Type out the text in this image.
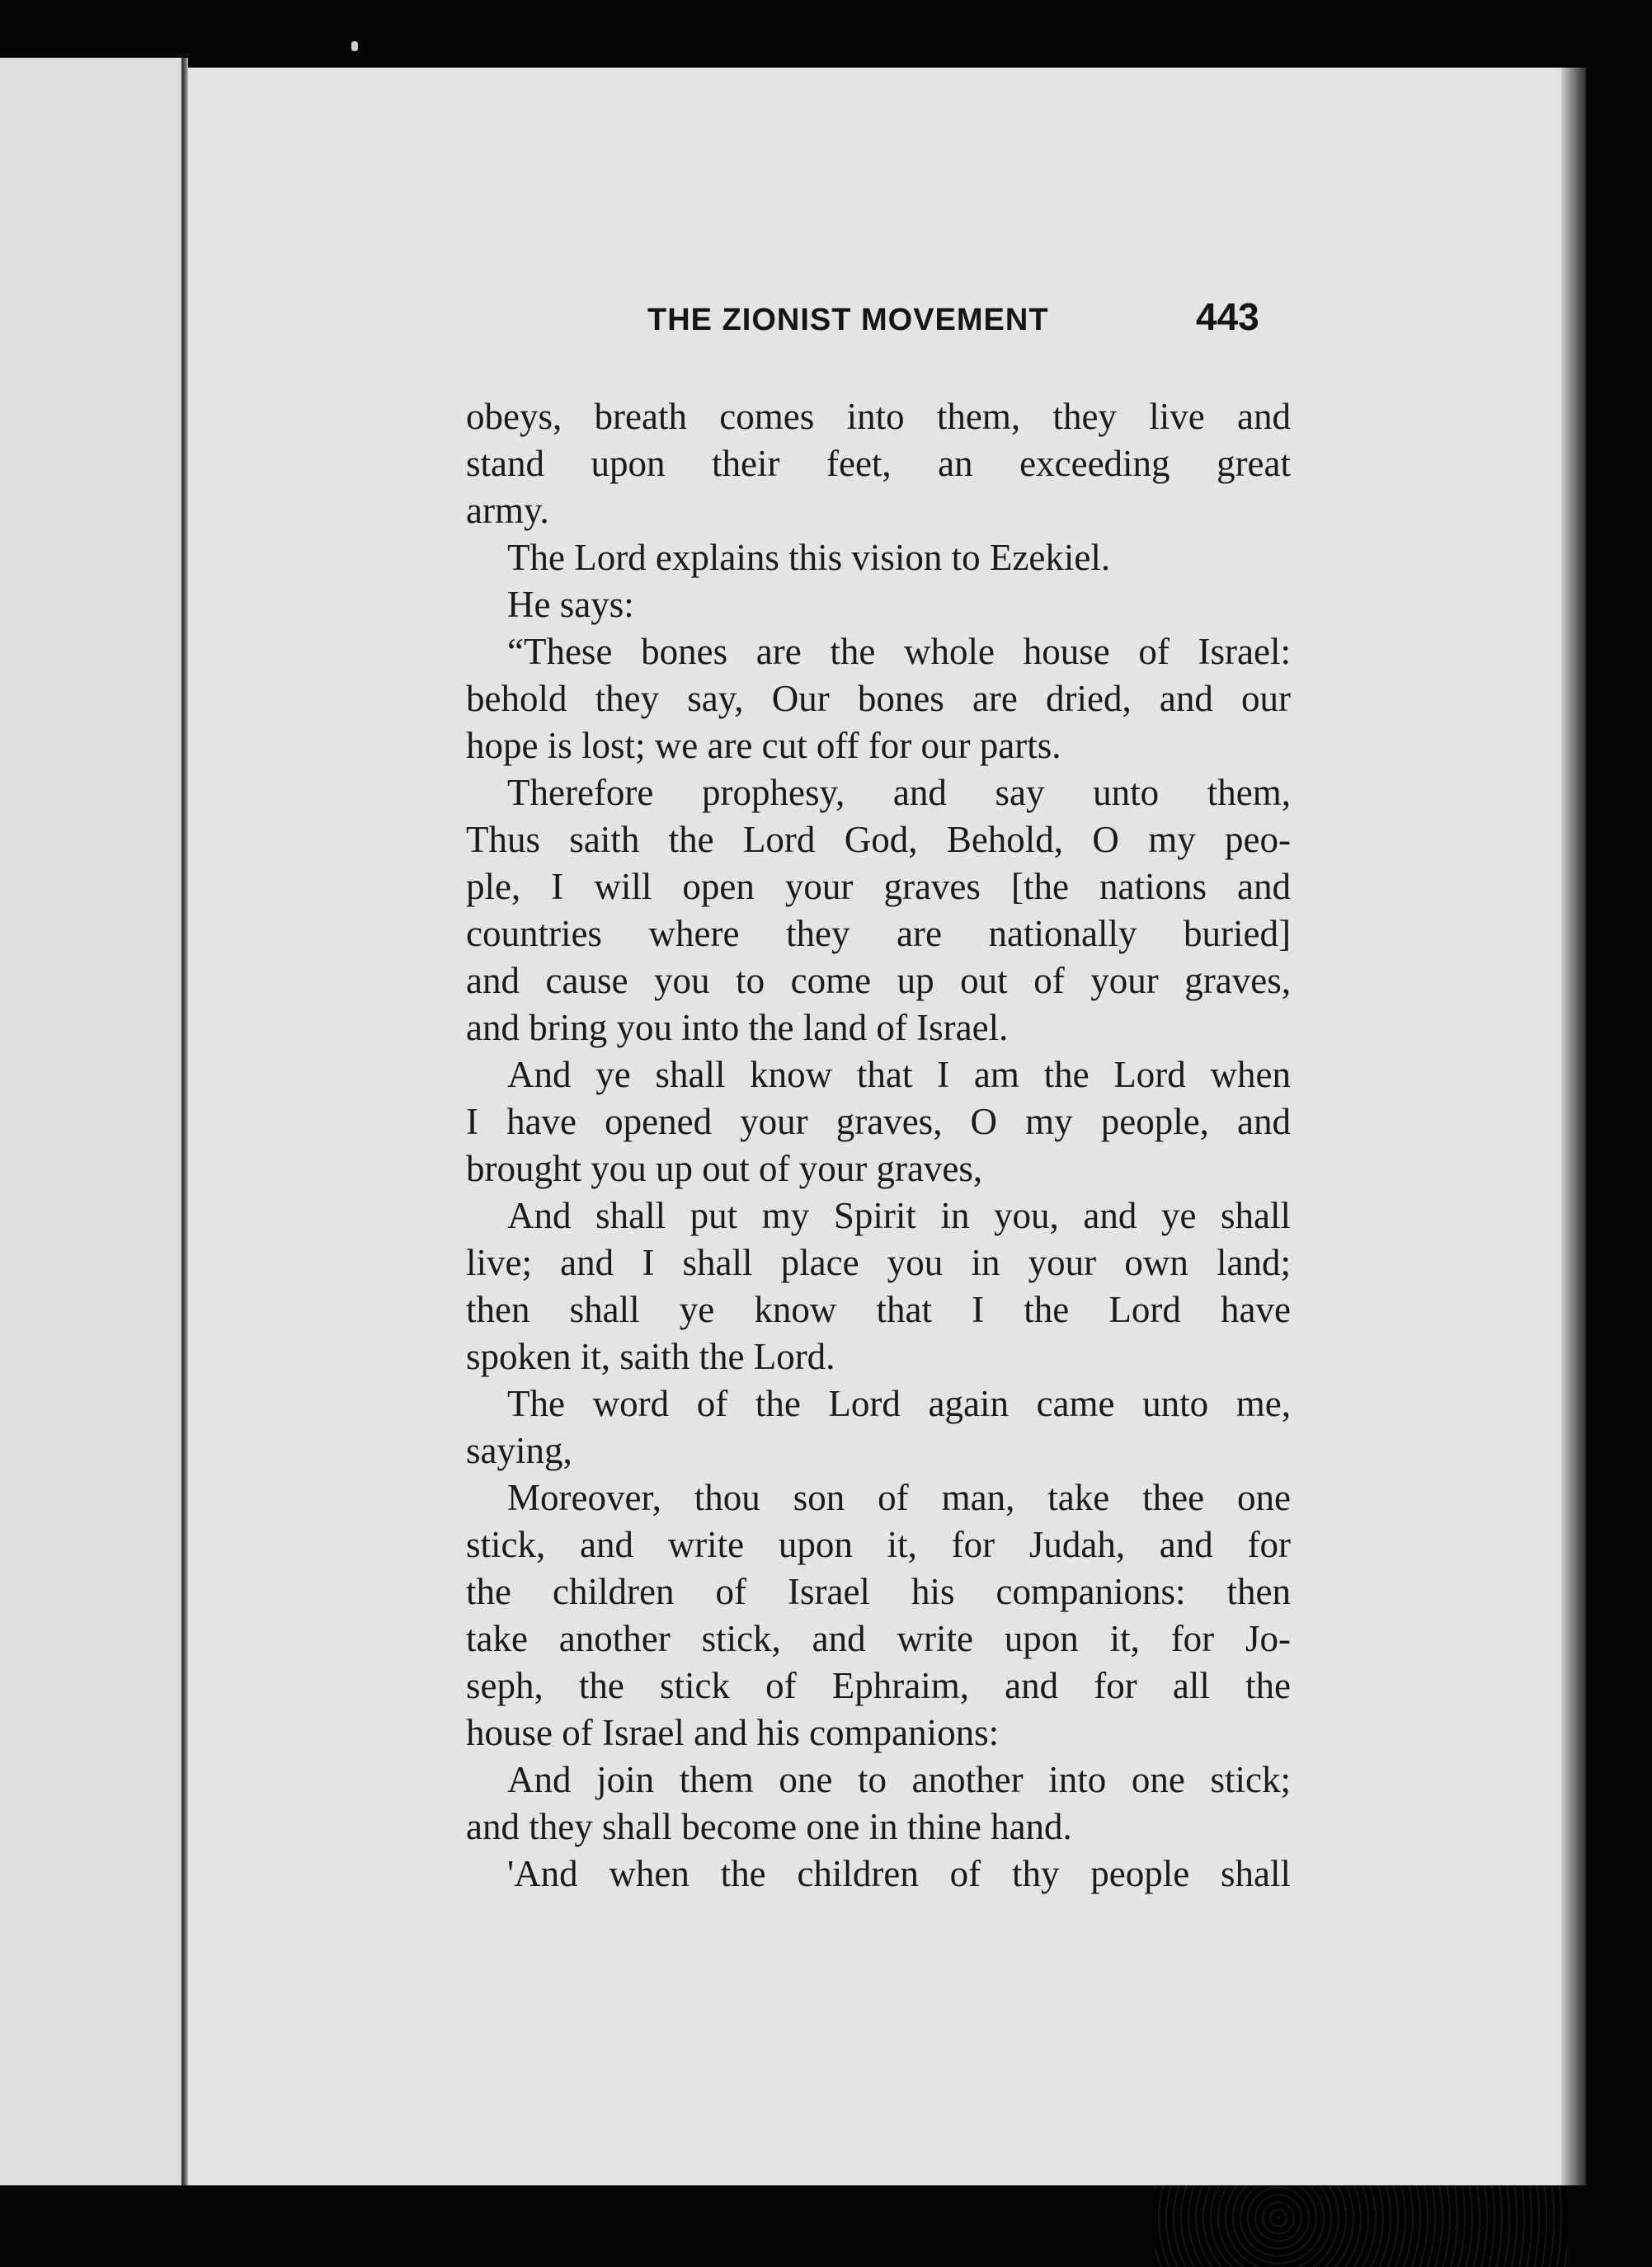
THE ZIONIST MOVEMENT	443
obeys, breath comes into them, they live and
stand upon their feet, an exceeding great
army.
The Lord explains this vision to Ezekiel.
He says:
“These bones are the whole house of Israel:
behold they say, Our bones are dried, and our
hope is lost; we are cut off for our parts.
Therefore prophesy, and say unto them,
Thus saith the Lord God, Behold, O my peo-
ple, I will open your graves [the nations and
countries where they are nationally buried]
and cause you to come up out of your graves,
and bring you into the land of Israel.
And ye shall know that I am the Lord when
I have opened your graves, O my people, and
brought you up out of your graves,
And shall put my Spirit in you, and ye shall
live; and I shall place you in your own land;
then shall ye know that I the Lord have
spoken it, saith the Lord.
The word of the Lord again came unto me,
saying,
Moreover, thou son of man, take thee one
stick, and write upon it, for Judah, and for
the children of Israel his companions: then
take another stick, and write upon it, for Jo-
seph, the stick of Ephraim, and for all the
house of Israel and his companions:
And join them one to another into one stick;
and they shall become one in thine hand.
'And when the children of thy people shall
